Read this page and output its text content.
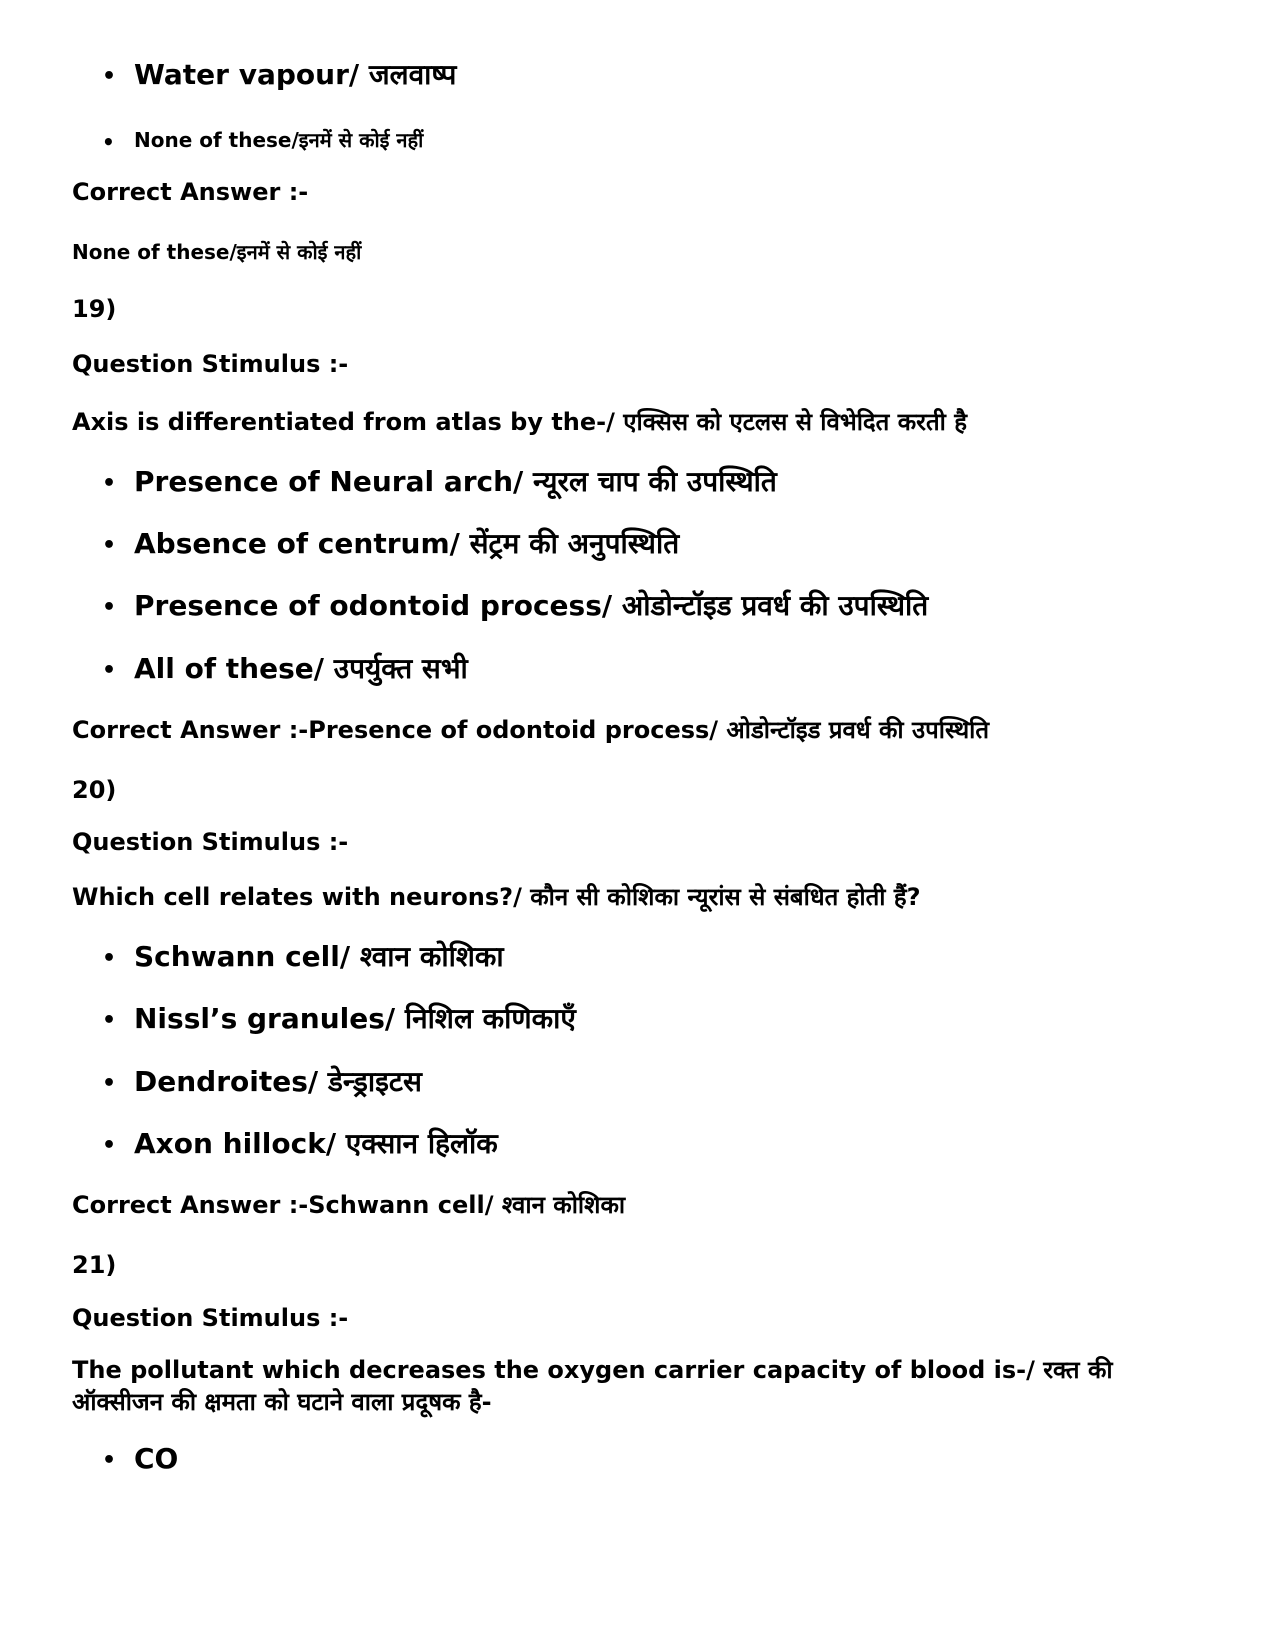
• Water vapour/ जलवाष्प
• None of these/इनमें से कोई नहीं
Correct Answer :-
None of these/इनमें से कोई नहीं
19)
Question Stimulus :-
Axis is differentiated from atlas by the-/ एक्सिस को एटलस से विभेदित करती है
• Presence of Neural arch/ न्यूरल चाप की उपस्थिति
• Absence of centrum/ सेंट्रम की अनुपस्थिति
• Presence of odontoid process/ ओडोन्टॉइड प्रवर्ध की उपस्थिति
• All of these/ उपर्युक्त सभी
Correct Answer :-Presence of odontoid process/ ओडोन्टॉइड प्रवर्ध की उपस्थिति
20)
Question Stimulus :-
Which cell relates with neurons?/ कौन सी कोशिका न्यूरांस से संबधित होती हैं?
• Schwann cell/ श्वान कोशिका
• Nissl’s granules/ निशिल कणिकाएँ
• Dendroites/ डेन्ड्राइटस
• Axon hillock/ एक्सान हिलॉक
Correct Answer :-Schwann cell/ श्वान कोशिका
21)
Question Stimulus :-
The pollutant which decreases the oxygen carrier capacity of blood is-/ रक्त की ऑक्सीजन की क्षमता को घटाने वाला प्रदूषक है-
• CO
